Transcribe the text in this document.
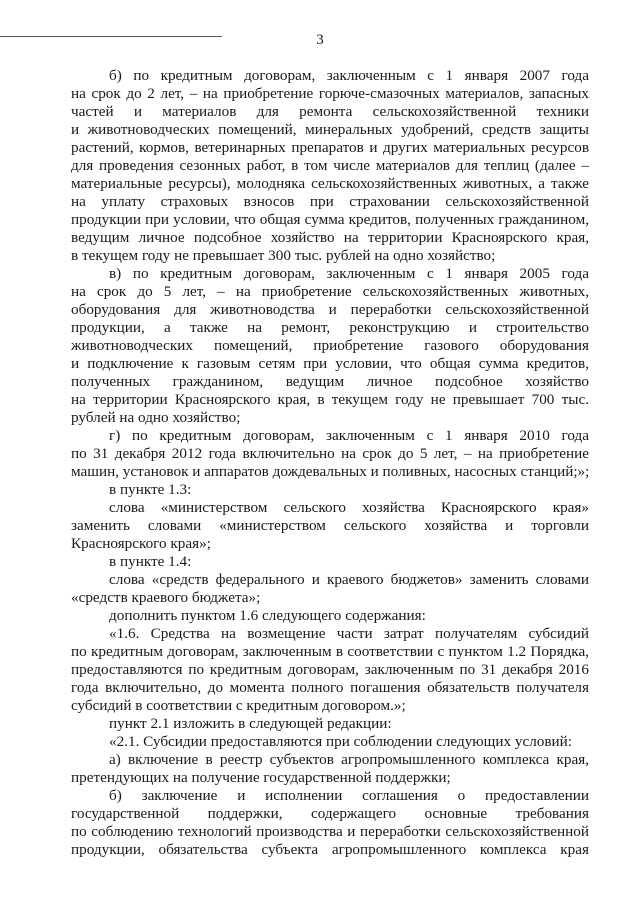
3
б) по кредитным договорам, заключенным с 1 января 2007 года
на срок до 2 лет, – на приобретение горюче-смазочных материалов, запасных
частей и материалов для ремонта сельскохозяйственной техники
и животноводческих помещений, минеральных удобрений, средств защиты
растений, кормов, ветеринарных препаратов и других материальных ресурсов
для проведения сезонных работ, в том числе материалов для теплиц (далее –
материальные ресурсы), молодняка сельскохозяйственных животных, а также
на уплату страховых взносов при страховании сельскохозяйственной
продукции при условии, что общая сумма кредитов, полученных гражданином,
ведущим личное подсобное хозяйство на территории Красноярского края,
в текущем году не превышает 300 тыс. рублей на одно хозяйство;
в) по кредитным договорам, заключенным с 1 января 2005 года
на срок до 5 лет, – на приобретение сельскохозяйственных животных,
оборудования для животноводства и переработки сельскохозяйственной
продукции, а также на ремонт, реконструкцию и строительство
животноводческих помещений, приобретение газового оборудования
и подключение к газовым сетям при условии, что общая сумма кредитов,
полученных гражданином, ведущим личное подсобное хозяйство
на территории Красноярского края, в текущем году не превышает 700 тыс.
рублей на одно хозяйство;
г) по кредитным договорам, заключенным с 1 января 2010 года
по 31 декабря 2012 года включительно на срок до 5 лет, – на приобретение
машин, установок и аппаратов дождевальных и поливных, насосных станций;»;
в пункте 1.3:
слова «министерством сельского хозяйства Красноярского края»
заменить словами «министерством сельского хозяйства и торговли
Красноярского края»;
в пункте 1.4:
слова «средств федерального и краевого бюджетов» заменить словами
«средств краевого бюджета»;
дополнить пунктом 1.6 следующего содержания:
«1.6. Средства на возмещение части затрат получателям субсидий
по кредитным договорам, заключенным в соответствии с пунктом 1.2 Порядка,
предоставляются по кредитным договорам, заключенным по 31 декабря 2016
года включительно, до момента полного погашения обязательств получателя
субсидий в соответствии с кредитным договором.»;
пункт 2.1 изложить в следующей редакции:
«2.1. Субсидии предоставляются при соблюдении следующих условий:
а) включение в реестр субъектов агропромышленного комплекса края,
претендующих на получение государственной поддержки;
б) заключение и исполнении соглашения о предоставлении
государственной поддержки, содержащего основные требования
по соблюдению технологий производства и переработки сельскохозяйственной
продукции, обязательства субъекта агропромышленного комплекса края
